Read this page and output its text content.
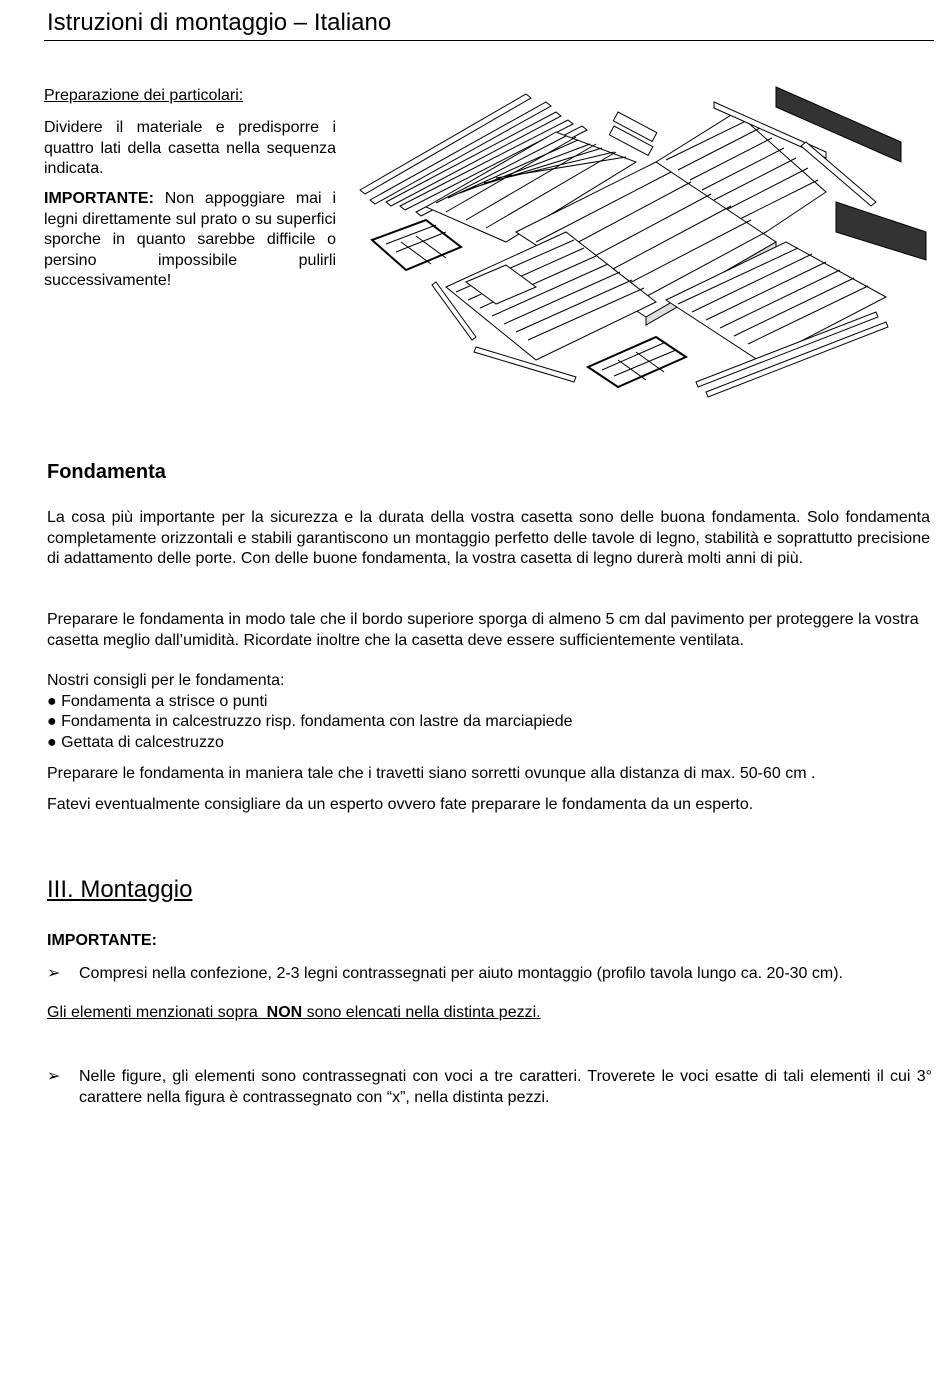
Istruzioni di montaggio – Italiano
Preparazione dei particolari:
Dividere il materiale e predisporre i quattro lati della casetta nella sequenza indicata.
IMPORTANTE: Non appoggiare mai i legni direttamente sul prato o su superfici sporche in quanto sarebbe difficile o persino impossibile pulirli successivamente!
Fondamenta
La cosa più importante per la sicurezza e la durata della vostra casetta sono delle buona fondamenta. Solo fondamenta completamente orizzontali e stabili garantiscono un montaggio perfetto delle tavole di legno, stabilità e soprattutto precisione di adattamento delle porte. Con delle buone fondamenta, la vostra casetta di legno durerà molti anni di più.
Preparare le fondamenta in modo tale che il bordo superiore sporga di almeno 5 cm dal pavimento per proteggere la vostra casetta meglio dall’umidità. Ricordate inoltre che la casetta deve essere sufficientemente ventilata.
Nostri consigli per le fondamenta:
● Fondamenta a strisce o punti
● Fondamenta in calcestruzzo risp. fondamenta con lastre da marciapiede
● Gettata di calcestruzzo
Preparare le fondamenta in maniera tale che i travetti siano sorretti ovunque alla distanza di max. 50-60 cm .
Fatevi eventualmente consigliare da un esperto ovvero fate preparare le fondamenta da un esperto.
III. Montaggio
IMPORTANTE:
➢ Compresi nella confezione, 2-3 legni contrassegnati per aiuto montaggio (profilo tavola lungo ca. 20-30 cm).
Gli elementi menzionati sopra  NON sono elencati nella distinta pezzi.
➢ Nelle figure, gli elementi sono contrassegnati con voci a tre caratteri. Troverete le voci esatte di tali elementi il cui 3° carattere nella figura è contrassegnato con “x”, nella distinta pezzi.
